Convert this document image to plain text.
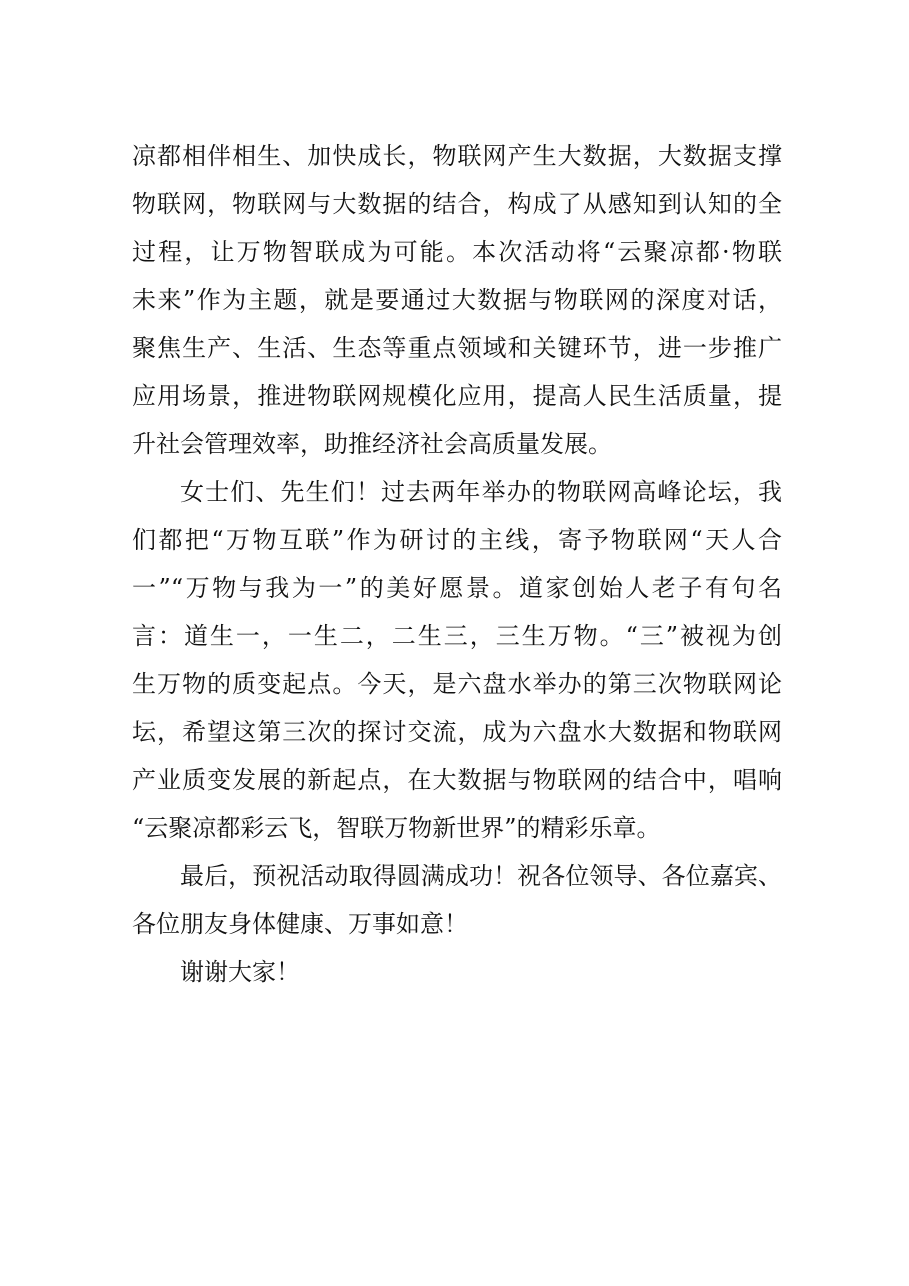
凉都相伴相生、加快成长，物联网产生大数据，大数据支撑
物联网，物联网与大数据的结合，构成了从感知到认知的全
过程，让万物智联成为可能。本次活动将“云聚凉都·物联
未来”作为主题，就是要通过大数据与物联网的深度对话，
聚焦生产、生活、生态等重点领域和关键环节，进一步推广
应用场景，推进物联网规模化应用，提高人民生活质量，提
升社会管理效率，助推经济社会高质量发展。
女士们、先生们！过去两年举办的物联网高峰论坛，我
们都把“万物互联”作为研讨的主线，寄予物联网“天人合
一”“万物与我为一”的美好愿景。道家创始人老子有句名
言：道生一，一生二，二生三，三生万物。“三”被视为创
生万物的质变起点。今天，是六盘水举办的第三次物联网论
坛，希望这第三次的探讨交流，成为六盘水大数据和物联网
产业质变发展的新起点，在大数据与物联网的结合中，唱响
“云聚凉都彩云飞，智联万物新世界”的精彩乐章。
最后，预祝活动取得圆满成功！祝各位领导、各位嘉宾、
各位朋友身体健康、万事如意！
谢谢大家！
